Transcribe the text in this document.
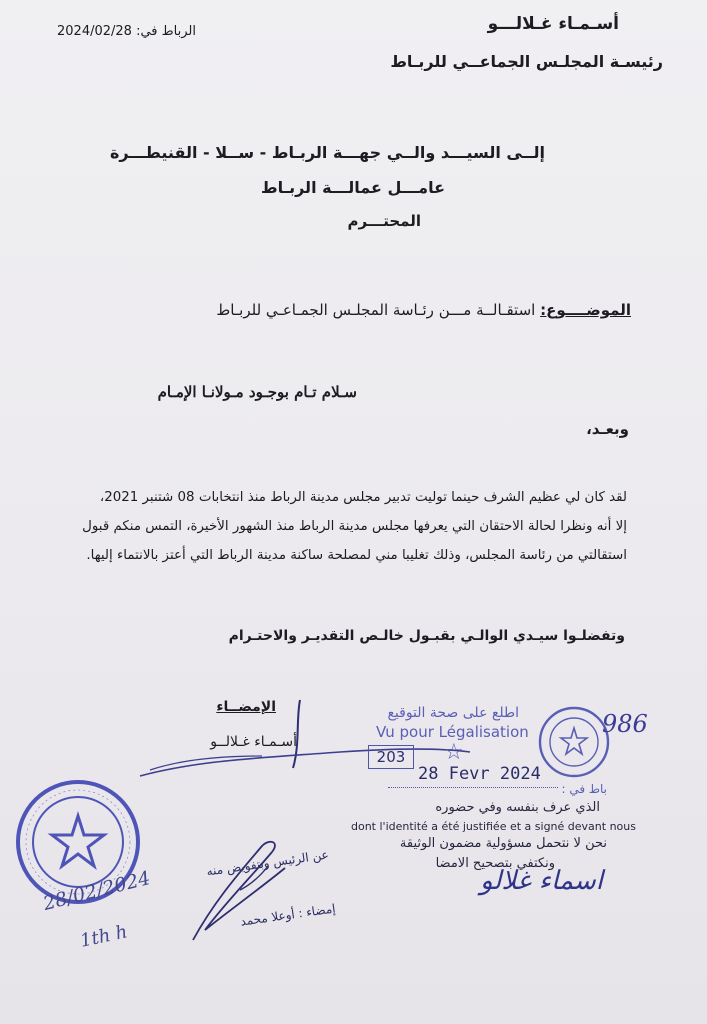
أسـمـاء غـلالـــو
رئيسـة المجلـس الجماعــي للربـاط
الرباط في: 2024/02/28
إلــى السيـــد والــي جهـــة الربـاط - ســلا - القنيطـــرة
عامـــل عمالـــة الربـاط
المحتـــرم
الموضــــوع: استقـالــة مـــن رئـاسة المجلـس الجمـاعـي للربـاط
سـلام تـام بوجـود مـولانـا الإمـام
وبعـد،
لقد كان لي عظيم الشرف حينما توليت تدبير مجلس مدينة الرباط منذ انتخابات 08 شتنبر 2021،
إلا أنه ونظرا لحالة الاحتقان التي يعرفها مجلس مدينة الرباط منذ الشهور الأخيرة، التمس منكم قبول
استقالتي من رئاسة المجلس، وذلك تغليبا مني لمصلحة ساكنة مدينة الرباط التي أعتز بالانتماء إليها.
وتفضلـوا سيـدي الوالـي بقبـول خالـص التقديـر والاحتـرام
الإمضــاء
أسـمـاء غـلالــو
28/02/2024
1th h
عن الرئيس وبتفويض منه
إمضاء : أوعلا محمد
اطلع على صحة التوقيع
Vu pour Légalisation
203	☆
28 Fevr 2024
باط في :
الذي عرف بنفسه وفي حضوره
dont l'identité a été justifiée et a signé devant nous
نحن لا نتحمل مسؤولية مضمون الوثيقة
ونكتفي بتصحيح الامضا
اسماء غلالو
986
